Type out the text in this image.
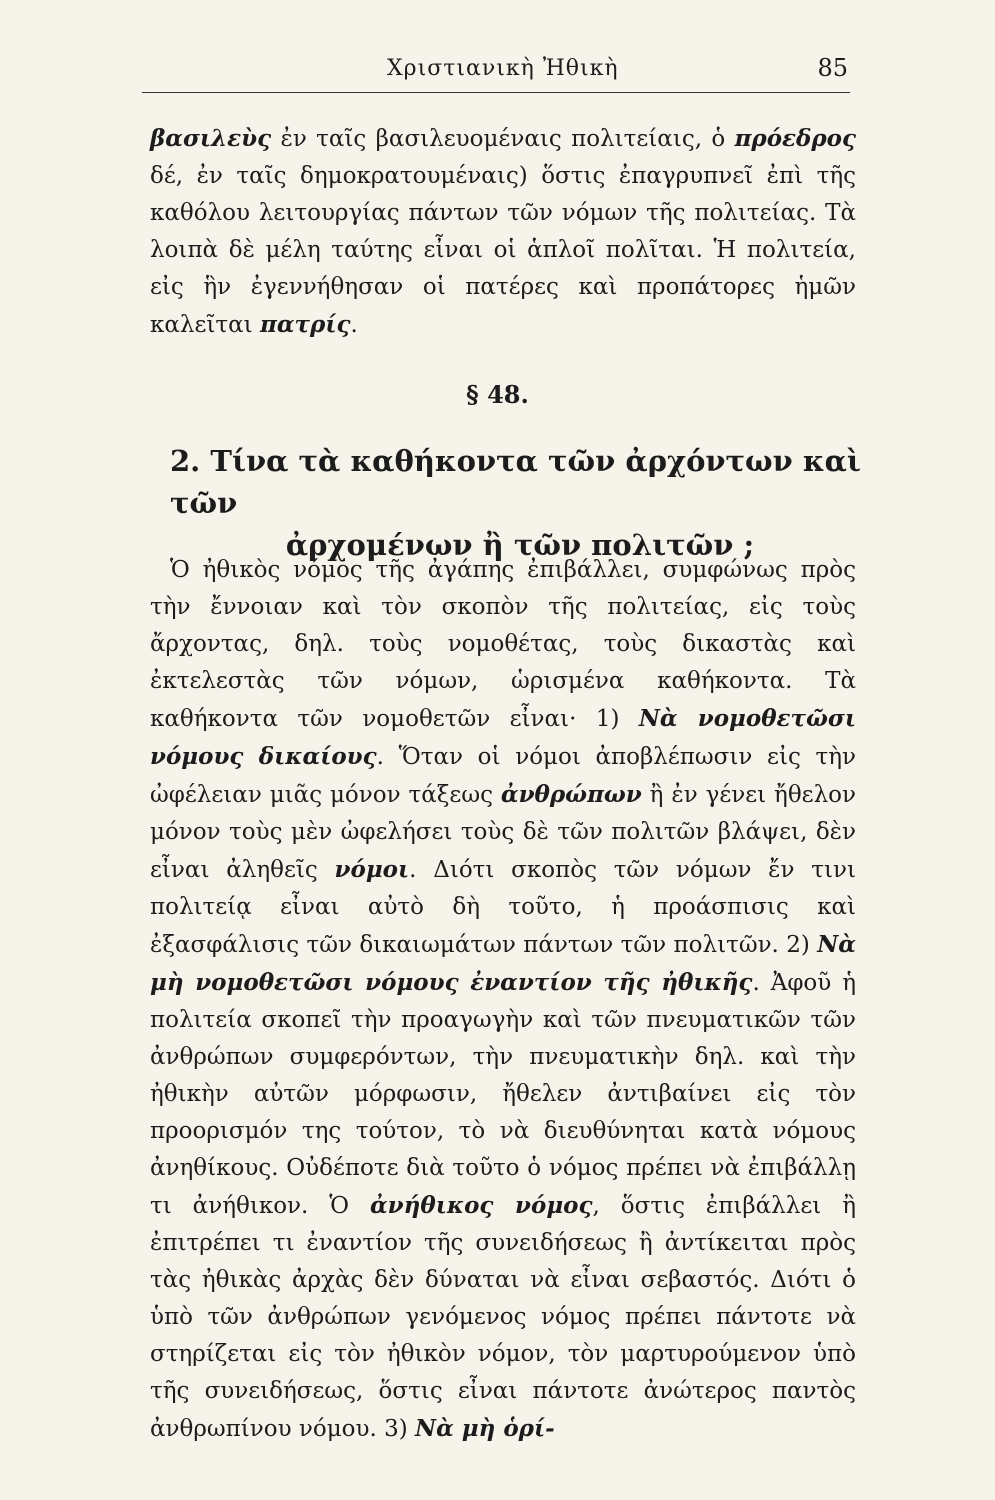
Χριστιανικὴ Ἠθικὴ	85

βασιλεὺς ἐν ταῖς βασιλευομέναις πολιτείαις, ὁ πρόεδρος δέ, ἐν ταῖς δημοκρατουμέναις) ὅστις ἐπαγρυπνεῖ ἐπὶ τῆς καθόλου λειτουργίας πάντων τῶν νόμων τῆς πολιτείας. Τὰ λοιπὰ δὲ μέλη ταύτης εἶναι οἱ ἁπλοῖ πολῖται. Ἡ πολιτεία, εἰς ἣν ἐγεννήθησαν οἱ πατέρες καὶ προπάτορες ἡμῶν καλεῖται πατρίς.

§ 48.
2. Τίνα τὰ καθήκοντα τῶν ἀρχόντων καὶ τῶν
ἀρχομένων ἢ τῶν πολιτῶν ;

Ὁ ἠθικὸς νόμος τῆς ἀγάπης ἐπιβάλλει, συμφώνως πρὸς τὴν ἔννοιαν καὶ τὸν σκοπὸν τῆς πολιτείας, εἰς τοὺς ἄρχοντας, δηλ. τοὺς νομοθέτας, τοὺς δικαστὰς καὶ ἐκτελεστὰς τῶν νόμων, ὡρισμένα καθήκοντα. Τὰ καθήκοντα τῶν νομοθετῶν εἶναι· 1) Νὰ νομοθετῶσι νόμους δικαίους. Ὅταν οἱ νόμοι ἀποβλέπωσιν εἰς τὴν ὠφέλειαν μιᾶς μόνον τάξεως ἀνθρώπων ἢ ἐν γένει ἤθελον μόνον τοὺς μὲν ὠφελήσει τοὺς δὲ τῶν πολιτῶν βλάψει, δὲν εἶναι ἀληθεῖς νόμοι. Διότι σκοπὸς τῶν νόμων ἔν τινι πολιτείᾳ εἶναι αὐτὸ δὴ τοῦτο, ἡ προάσπισις καὶ ἐξασφάλισις τῶν δικαιωμάτων πάντων τῶν πολιτῶν. 2) Νὰ μὴ νομοθετῶσι νόμους ἐναντίον τῆς ἠθικῆς. Ἀφοῦ ἡ πολιτεία σκοπεῖ τὴν προαγωγὴν καὶ τῶν πνευματικῶν τῶν ἀνθρώπων συμφερόντων, τὴν πνευματικὴν δηλ. καὶ τὴν ἠθικὴν αὐτῶν μόρφωσιν, ἤθελεν ἀντιβαίνει εἰς τὸν προορισμόν της τούτον, τὸ νὰ διευθύνηται κατὰ νόμους ἀνηθίκους. Οὐδέποτε διὰ τοῦτο ὁ νόμος πρέπει νὰ ἐπιβάλλῃ τι ἀνήθικον. Ὁ ἀνήθικος νόμος, ὅστις ἐπιβάλλει ἢ ἐπιτρέπει τι ἐναντίον τῆς συνειδήσεως ἢ ἀντίκειται πρὸς τὰς ἠθικὰς ἀρχὰς δὲν δύναται νὰ εἶναι σεβαστός. Διότι ὁ ὑπὸ τῶν ἀνθρώπων γενόμενος νόμος πρέπει πάντοτε νὰ στηρίζεται εἰς τὸν ἠθικὸν νόμον, τὸν μαρτυρούμενον ὑπὸ τῆς συνειδήσεως, ὅστις εἶναι πάντοτε ἀνώτερος παντὸς ἀνθρωπίνου νόμου. 3) Νὰ μὴ ὁρί-
